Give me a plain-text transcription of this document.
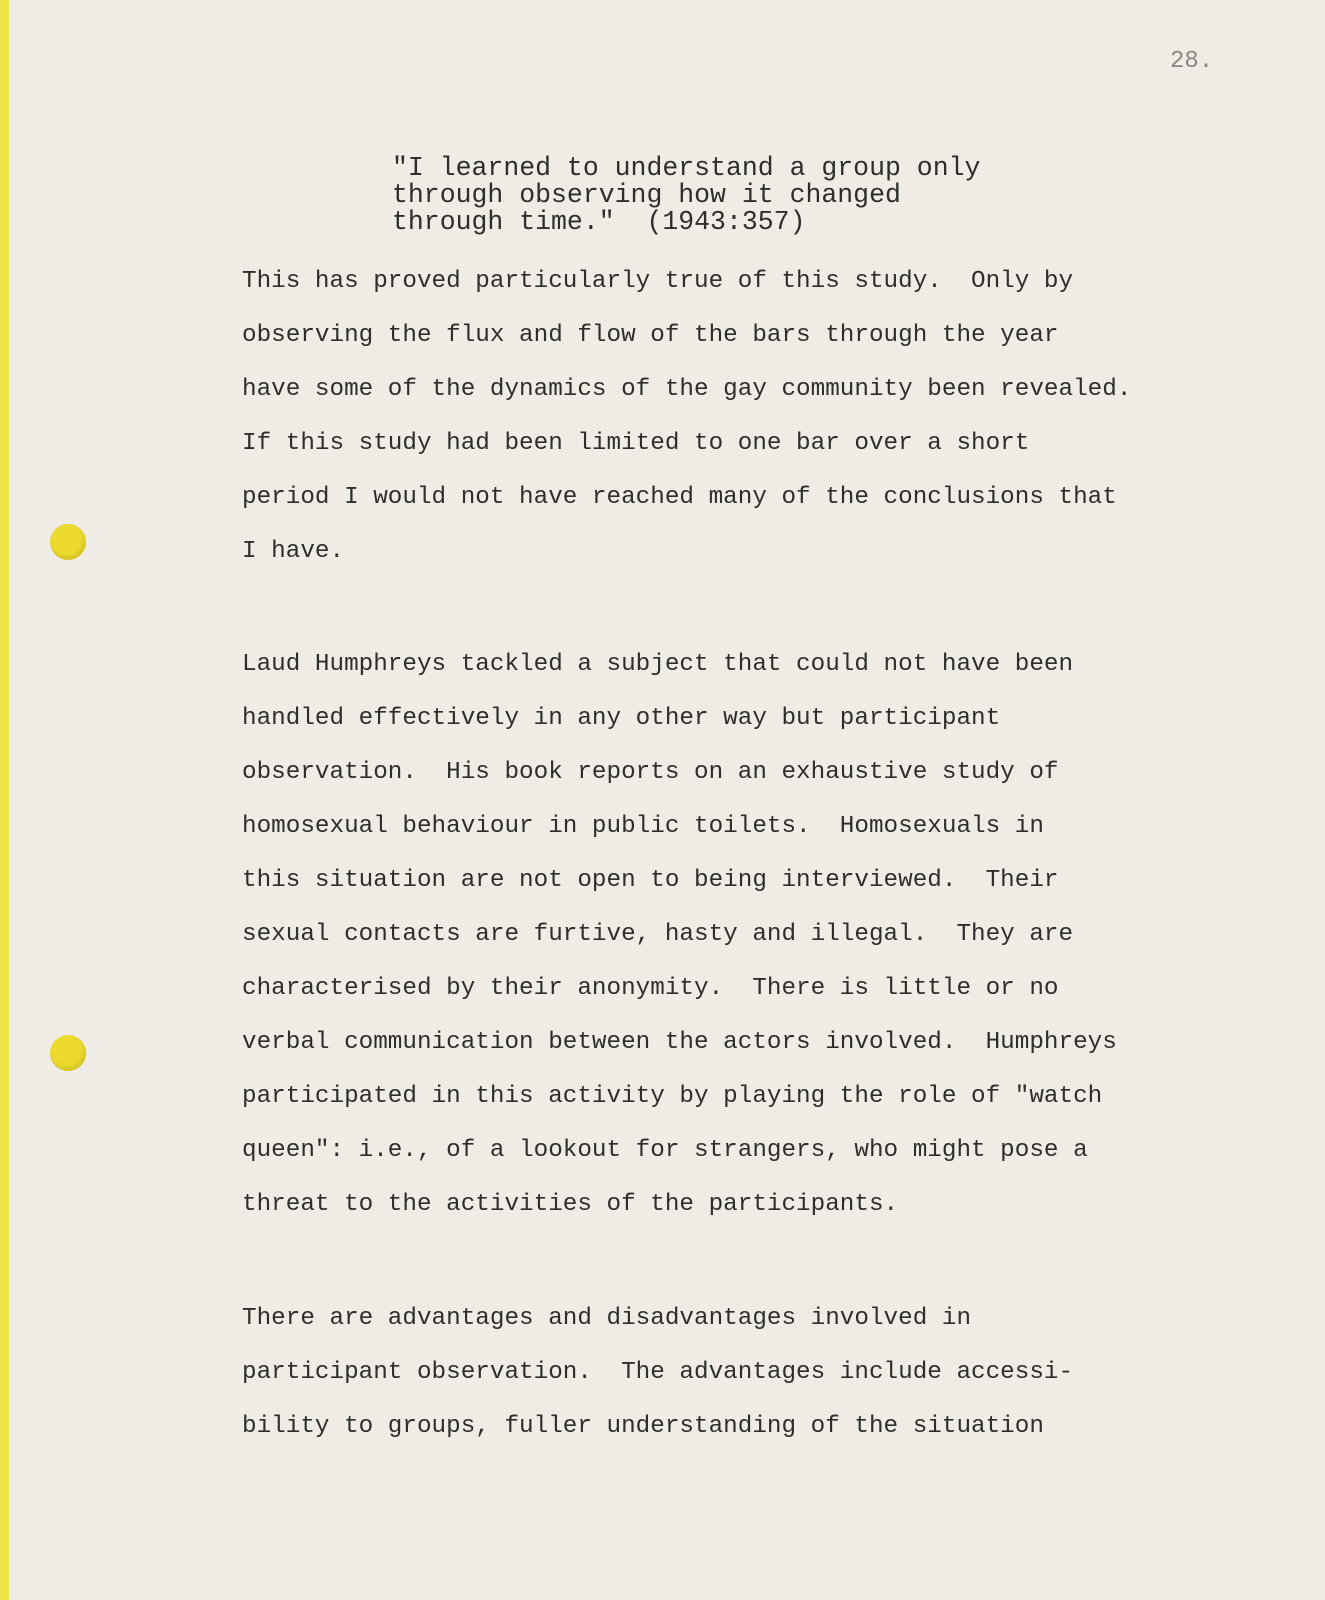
28.

"I learned to understand a group only
through observing how it changed
through time."  (1943:357)
This has proved particularly true of this study.  Only by
observing the flux and flow of the bars through the year
have some of the dynamics of the gay community been revealed.
If this study had been limited to one bar over a short
period I would not have reached many of the conclusions that
I have.
Laud Humphreys tackled a subject that could not have been
handled effectively in any other way but participant
observation.  His book reports on an exhaustive study of
homosexual behaviour in public toilets.  Homosexuals in
this situation are not open to being interviewed.  Their
sexual contacts are furtive, hasty and illegal.  They are
characterised by their anonymity.  There is little or no
verbal communication between the actors involved.  Humphreys
participated in this activity by playing the role of "watch
queen": i.e., of a lookout for strangers, who might pose a
threat to the activities of the participants.
There are advantages and disadvantages involved in
participant observation.  The advantages include accessi-
bility to groups, fuller understanding of the situation
